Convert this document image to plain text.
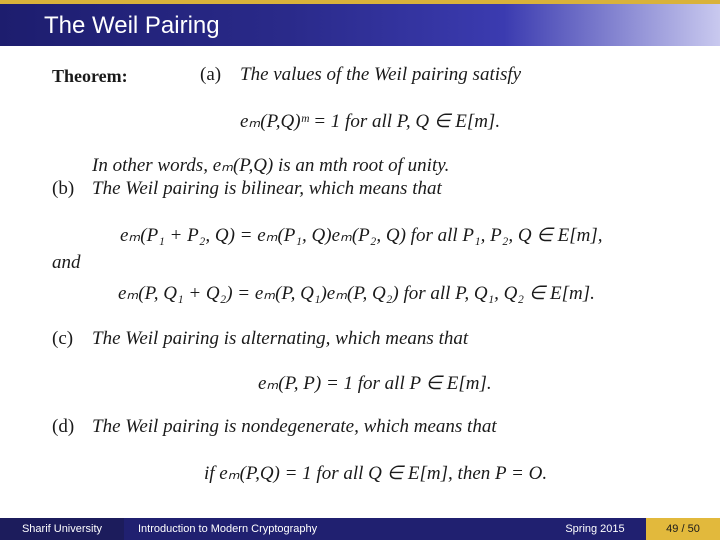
The Weil Pairing
Theorem:	(a) The values of the Weil pairing satisfy
eₘ(P,Q)ᵐ = 1 for all P, Q ∈ E[m].
In other words, eₘ(P,Q) is an mth root of unity.
(b) The Weil pairing is bilinear, which means that
eₘ(P₁ + P₂, Q) = eₘ(P₁, Q)eₘ(P₂, Q) for all P₁, P₂, Q ∈ E[m],
and
eₘ(P, Q₁ + Q₂) = eₘ(P, Q₁)eₘ(P, Q₂) for all P, Q₁, Q₂ ∈ E[m].
(c) The Weil pairing is alternating, which means that
eₘ(P, P) = 1 for all P ∈ E[m].
(d) The Weil pairing is nondegenerate, which means that
if eₘ(P,Q) = 1 for all Q ∈ E[m], then P = O.
Sharif University	Introduction to Modern Cryptography	Spring 2015	49 / 50
